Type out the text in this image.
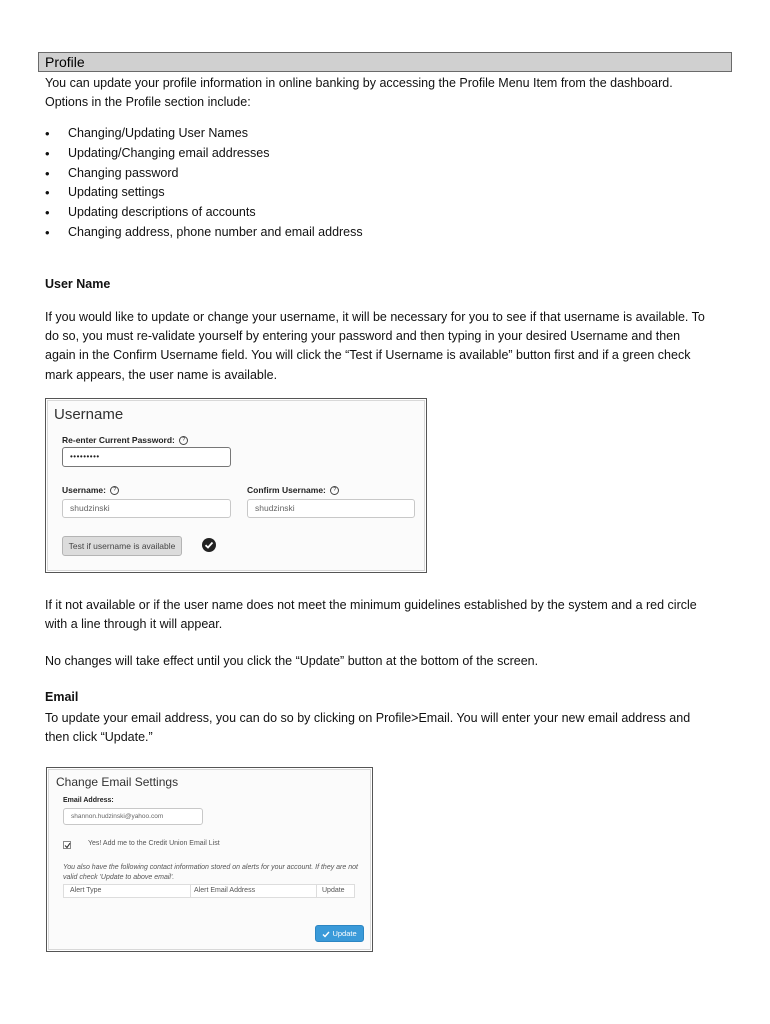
Profile

You can update your profile information in online banking by accessing the Profile Menu Item from the dashboard.

Options in the Profile section include:

• Changing/Updating User Names
• Updating/Changing email addresses
• Changing password
• Updating settings
• Updating descriptions of accounts
• Changing address, phone number and email address

User Name

If you would like to update or change your username, it will be necessary for you to see if that username is available. To

do so, you must re-validate yourself by entering your password and then typing in your desired Username and then

again in the Confirm Username field. You will click the “Test if Username is available” button first and if a green check

mark appears, the user name is available.

Username
Re-enter Current Password: ?
•••••••••
Username: ?
shudzinski
Confirm Username: ?
shudzinski
Test if username is available

If it not available or if the user name does not meet the minimum guidelines established by the system and a red circle

with a line through it will appear.

No changes will take effect until you click the “Update” button at the bottom of the screen.

Email

To update your email address, you can do so by clicking on Profile>Email. You will enter your new email address and

then click “Update.”

Change Email Settings
Email Address:
shannon.hudzinski@yahoo.com
Yes! Add me to the Credit Union Email List
You also have the following contact information stored on alerts for your account. If they are not
valid check 'Update to above email'.
Alert Type	Alert Email Address	Update
Update
